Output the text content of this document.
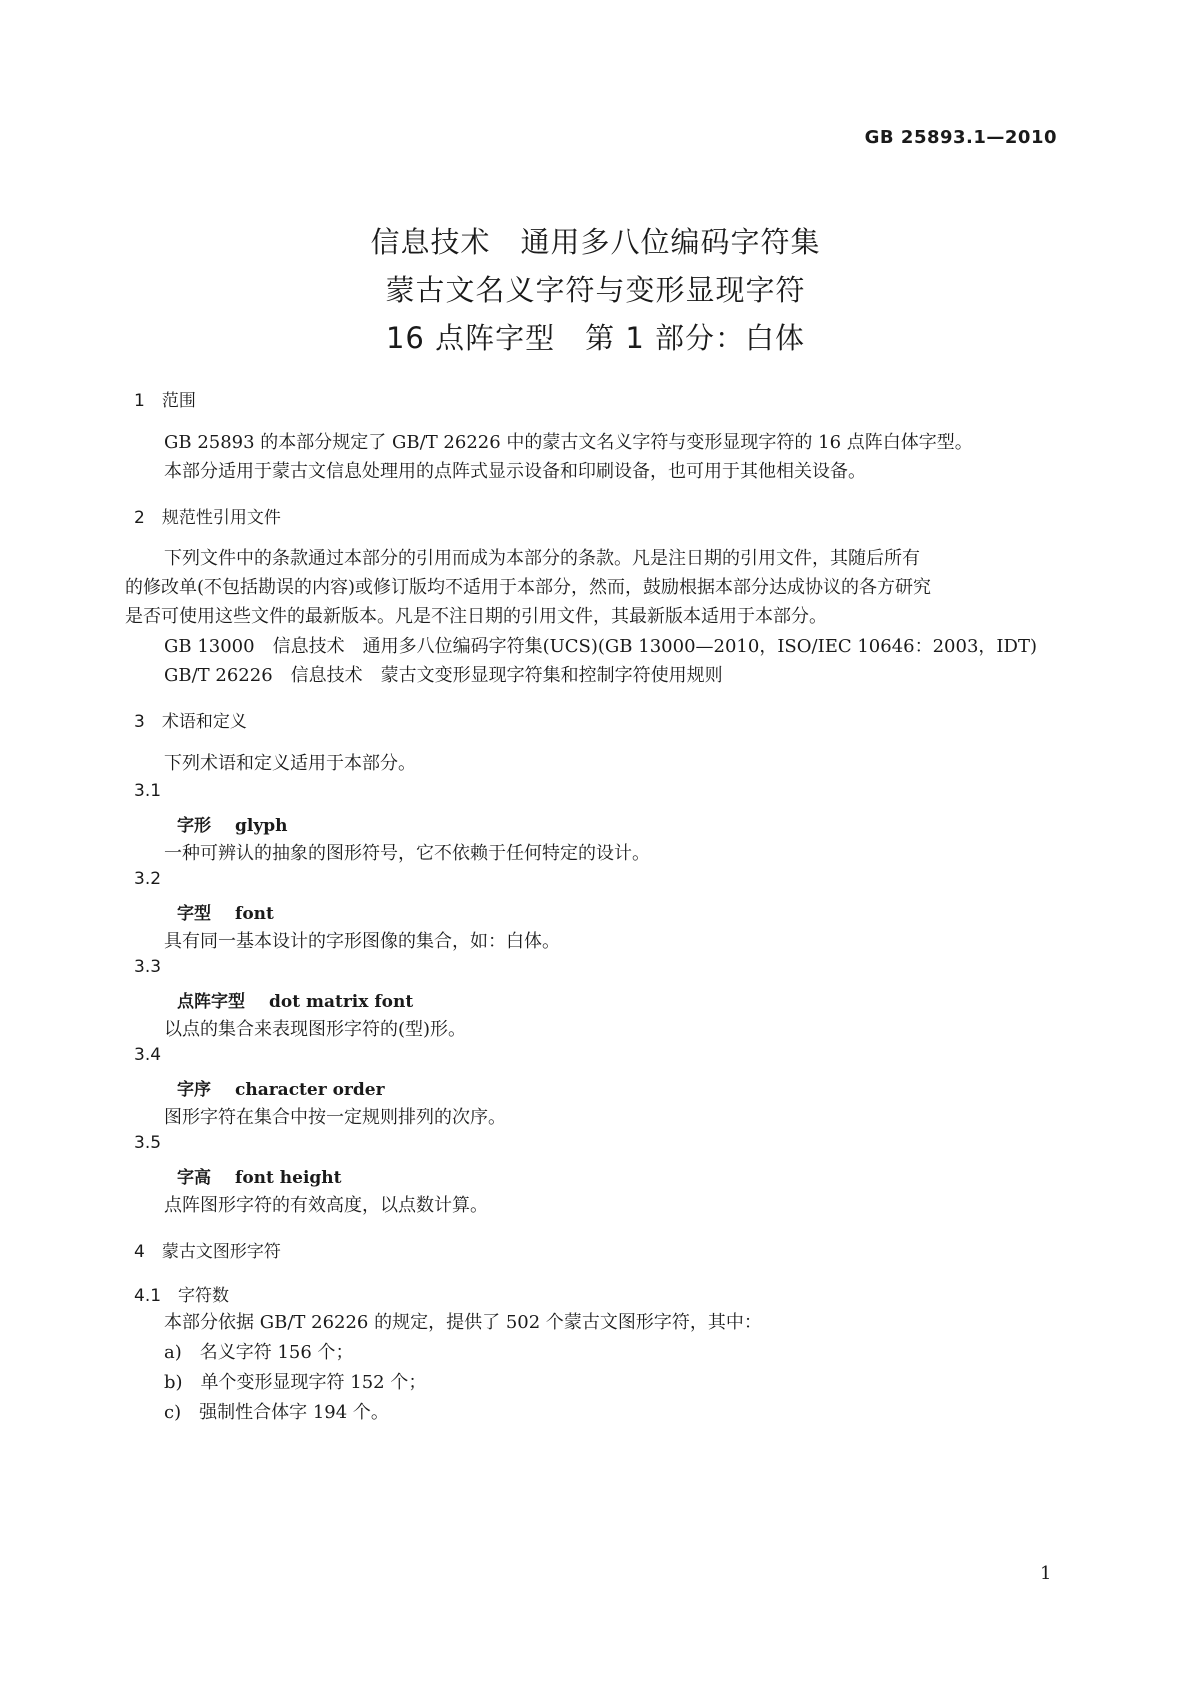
GB 25893.1—2010
信息技术　通用多八位编码字符集
蒙古文名义字符与变形显现字符
16 点阵字型　第 1 部分：白体
1　范围
GB 25893 的本部分规定了 GB/T 26226 中的蒙古文名义字符与变形显现字符的 16 点阵白体字型。
本部分适用于蒙古文信息处理用的点阵式显示设备和印刷设备，也可用于其他相关设备。
2　规范性引用文件
下列文件中的条款通过本部分的引用而成为本部分的条款。凡是注日期的引用文件，其随后所有
的修改单(不包括勘误的内容)或修订版均不适用于本部分，然而，鼓励根据本部分达成协议的各方研究
是否可使用这些文件的最新版本。凡是不注日期的引用文件，其最新版本适用于本部分。
GB 13000　信息技术　通用多八位编码字符集(UCS)(GB 13000—2010，ISO/IEC 10646：2003，IDT)
GB/T 26226　信息技术　蒙古文变形显现字符集和控制字符使用规则
3　术语和定义
下列术语和定义适用于本部分。
3.1
字形 glyph
一种可辨认的抽象的图形符号，它不依赖于任何特定的设计。
3.2
字型 font
具有同一基本设计的字形图像的集合，如：白体。
3.3
点阵字型 dot matrix font
以点的集合来表现图形字符的(型)形。
3.4
字序 character order
图形字符在集合中按一定规则排列的次序。
3.5
字高 font height
点阵图形字符的有效高度，以点数计算。
4　蒙古文图形字符
4.1　字符数
本部分依据 GB/T 26226 的规定，提供了 502 个蒙古文图形字符，其中：
a)　名义字符 156 个；
b)　单个变形显现字符 152 个；
c)　强制性合体字 194 个。
1
